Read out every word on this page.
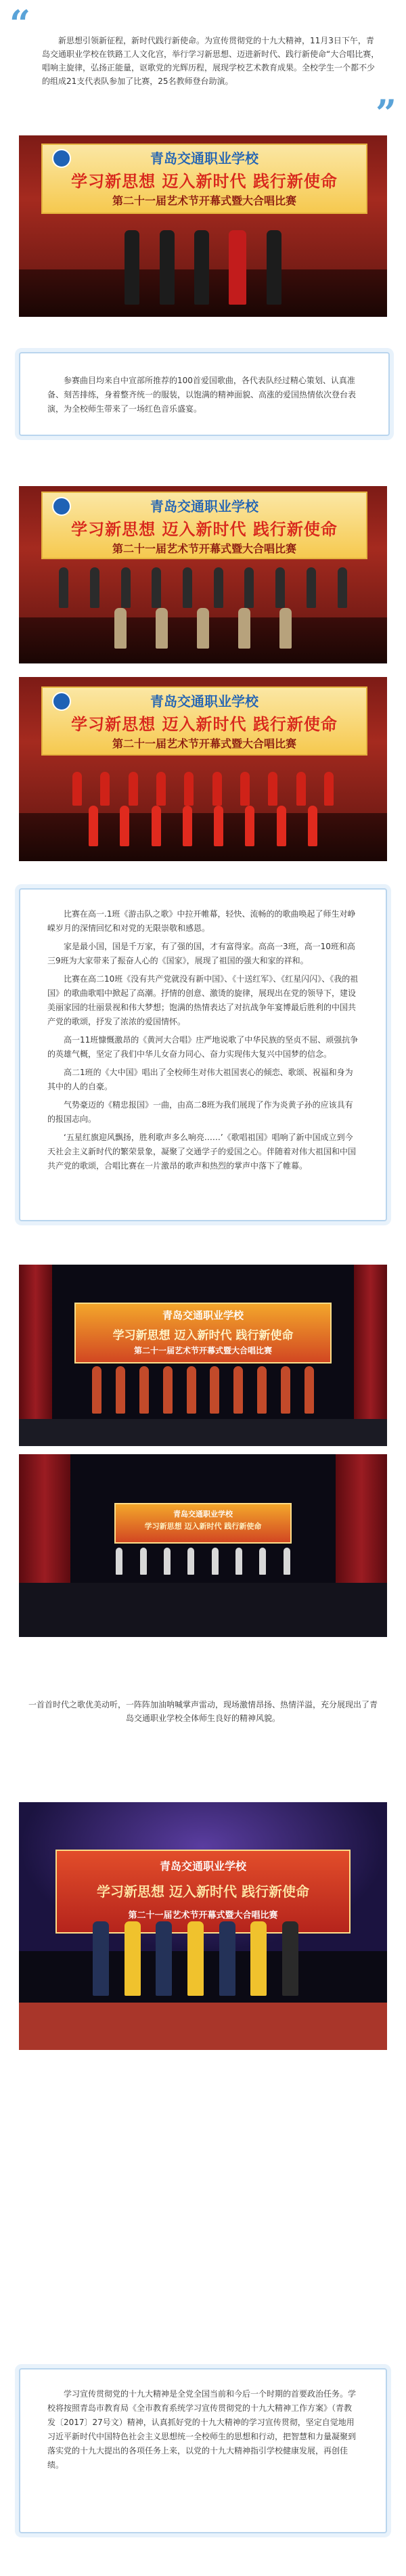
“	新思想引领新征程，新时代践行新使命。为宣传贯彻党的十九大精神，11月3日下午，青岛交通职业学校在铁路工人文化宫，举行学习新思想、迈进新时代、践行新使命“大合唱比赛，唱响主旋律，弘扬正能量，讴歌党的光辉历程，展现学校艺术教育成果。全校学生一个都不少的组成21支代表队参加了比赛，25名教师登台助演。
”
青岛交通职业学校
学习新思想 迈入新时代 践行新使命
第二十一届艺术节开幕式暨大合唱比赛

参赛曲目均来自中宣部所推荐的100首爱国歌曲，各代表队经过精心策划、认真准备、刻苦排练，身着整齐统一的服装，以饱满的精神面貌、高涨的爱国热情依次登台表演，为全校师生带来了一场红色音乐盛宴。

青岛交通职业学校
学习新思想 迈入新时代 践行新使命
第二十一届艺术节开幕式暨大合唱比赛
青岛交通职业学校
学习新思想 迈入新时代 践行新使命
第二十一届艺术节开幕式暨大合唱比赛

比赛在高一.1班《游击队之歌》中拉开帷幕，轻快、流畅的的歌曲唤起了师生对峥嵘岁月的深情回忆和对党的无限崇敬和感恩。

家是最小国，国是千万家，有了强的国，才有富得家。高高一3班，高一10班和高三9班为大家带来了振奋人心的《国家》，展现了祖国的强大和家的祥和。

比赛在高二10班《没有共产党就没有新中国》、《十送红军》、《红星闪闪》、《我的祖国》的歌曲歌唱中掀起了高潮。抒情的创意、激烫的旋律，展现出在党的领导下，建设美丽家园的壮丽景视和伟大梦想；饱满的热情表达了对抗战争年宴博最后胜利的中国共产党的歌颂，抒发了浓浓的爱国情怀。

高一11班慷慨激昂的《黄河大合唱》庄严地说歌了中华民族的坚贞不屈、顽强抗争的英雄气概，坚定了我们中华儿女奋力同心、奋力实现伟大复兴中国梦的信念。

高二1班的《大中国》唱出了全校师生对伟大祖国衷心的倾恋、歌颂、祝福和身为其中的人的自豪。

气势豪迈的《精忠报国》一曲，由高二8班为我们展现了作为炎黄子孙的应该具有的报国志向。

‘五星红旗迎风飘扬，胜利歌声多么响亮……’《歌唱祖国》唱响了新中国成立到今天社会主义新时代的繁荣景象，凝聚了交通学子的爱国之心。伴随着对伟大祖国和中国共产党的歌颂，合唱比赛在一片激昂的歌声和热烈的掌声中落下了帷幕。

青岛交通职业学校
学习新思想 迈入新时代 践行新使命
第二十一届艺术节开幕式暨大合唱比赛
青岛交通职业学校
学习新思想 迈入新时代 践行新使命
一首首时代之歌优美动听，一阵阵加油呐喊掌声雷动，现场激情昂扬、热情洋溢，充分展现出了青岛交通职业学校全体师生良好的精神风貌。
青岛交通职业学校
学习新思想 迈入新时代 践行新使命
第二十一届艺术节开幕式暨大合唱比赛

学习宣传贯彻党的十九大精神是全党全国当前和今后一个时期的首要政治任务。学校将按照青岛市教育局《全市教育系统学习宣传贯彻党的十九大精神工作方案》（青教发〔2017〕27号文）精神，认真抓好党的十九大精神的学习宣传贯彻，坚定自觉地用习近平新时代中国特色社会主义思想统一全校师生的思想和行动，把智慧和力量凝聚到落实党的十九大提出的各项任务上来，以党的十九大精神指引学校健康发展，再创佳绩。
